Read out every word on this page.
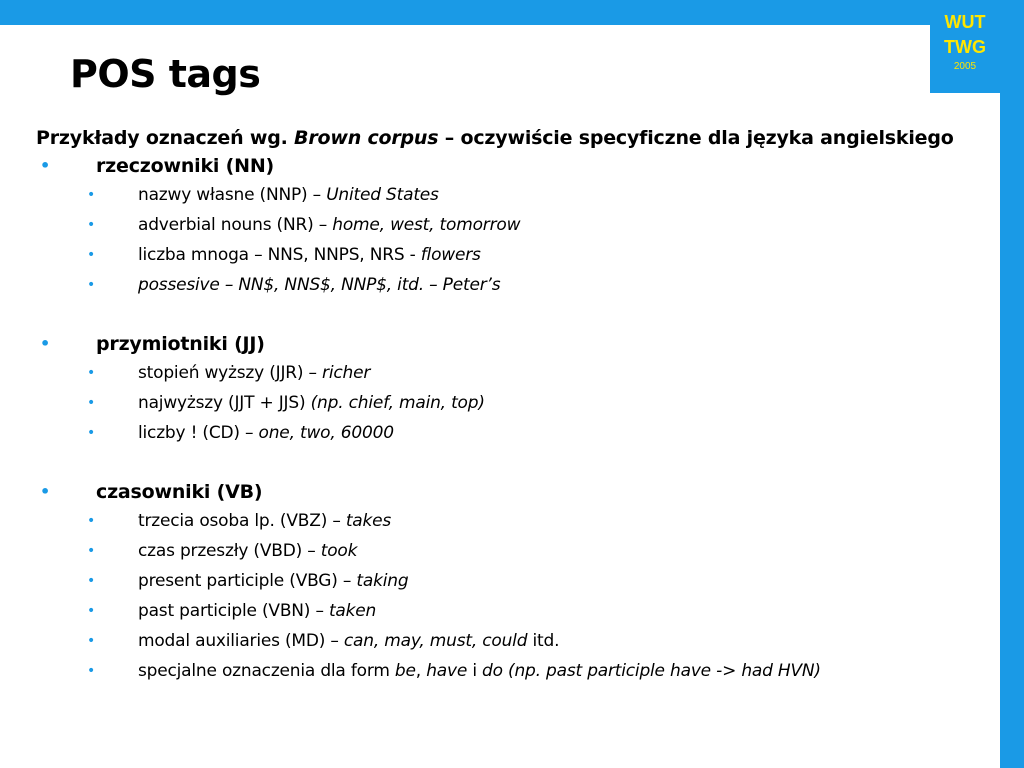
WUT
TWG
2005
POS tags

Przykłady oznaczeń wg. Brown corpus – oczywiście specyficzne dla języka angielskiego

• rzeczowniki (NN)
•	nazwy własne (NNP) – United States
•	adverbial nouns (NR) – home, west, tomorrow
•	liczba mnoga – NNS, NNPS, NRS - flowers
•	possesive – NN$, NNS$, NNP$, itd. – Peter’s
• przymiotniki (JJ)
•	stopień wyższy (JJR) – richer
•	najwyższy (JJT + JJS) (np. chief, main, top)
•	liczby ! (CD) – one, two, 60000
• czasowniki (VB)
•	trzecia osoba lp. (VBZ) – takes
•	czas przeszły (VBD) – took
•	present participle (VBG) – taking
•	past participle (VBN) – taken
•	modal auxiliaries (MD) – can, may, must, could itd.
•	specjalne oznaczenia dla form be, have i do (np. past participle have -> had HVN)
